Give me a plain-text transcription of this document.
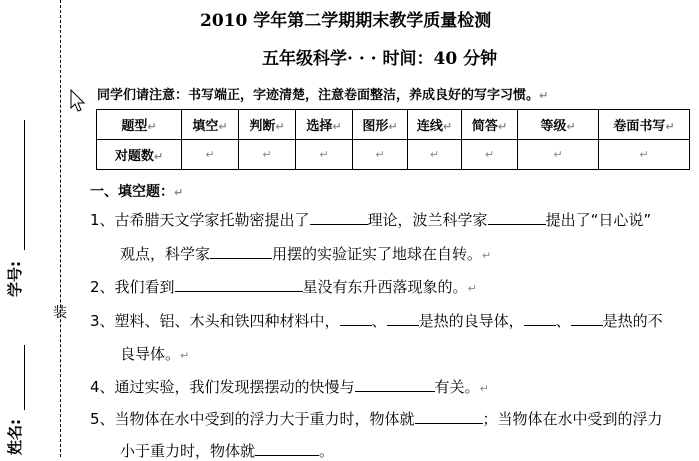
学号:
姓名:
装
2010 学年第二学期期末教学质量检测
五年级科学· · · 时间：40 分钟
同学们请注意：书写端正，字迹清楚，注意卷面整洁，养成良好的写字习惯。↵
题型↵	填空↵	判断↵	选择↵	图形↵	连线↵	简答↵	等级↵	卷面书写↵
对题数↵	↵	↵	↵	↵	↵	↵	↵	↵
一、填空题：↵
1、古希腊天文学家托勒密提出了	理论，波兰科学家	提出了“日心说”
观点，科学家	用摆的实验证实了地球在自转。↵
2、我们看到	星没有东升西落现象的。↵
3、塑料、铝、木头和铁四种材料中， 、 是热的良导体， 、 是热的不
良导体。↵
4、通过实验，我们发现摆摆动的快慢与	有关。↵
5、当物体在水中受到的浮力大于重力时，物体就	；当物体在水中受到的浮力
小于重力时，物体就	。
